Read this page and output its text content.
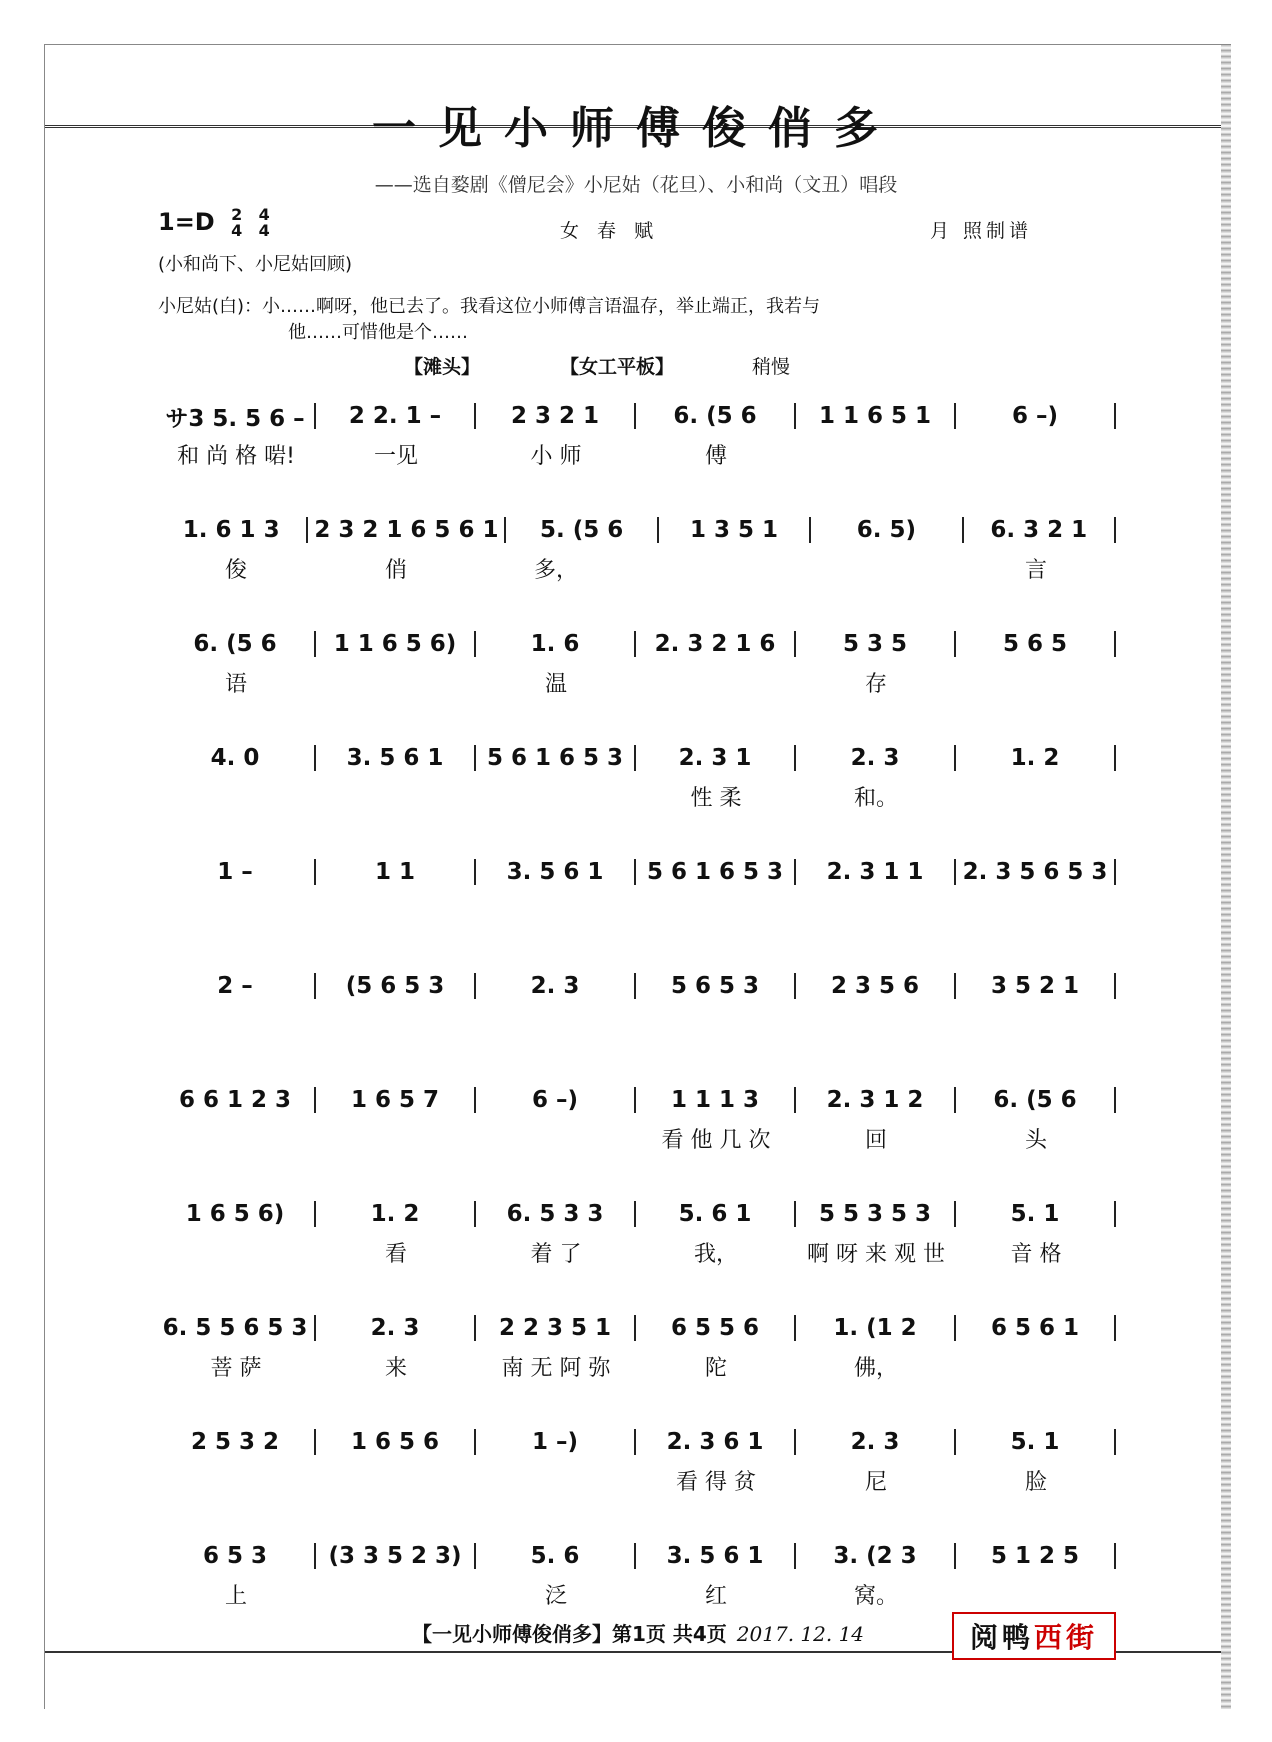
一见小师傅俊俏多
——选自婺剧《僧尼会》小尼姑（花旦）、小和尚（文丑）唱段
1=D 2
4

4
4	女 春 赋	月 照制谱
(小和尚下、小尼姑回顾)
小尼姑(白)：小……啊呀，他已去了。我看这位小师傅言语温存，举止端正，我若与
他……可惜他是个……
【滩头】	【女工平板】	稍慢
サ3 5. 5 6 –	2 2. 1 –	2 3 2 1	6. (5 6	1 1 6 5 1	6 –)
和 尚 格 啱!	一见	小 师	傅
1. 6 1 3	2 3 2 1 6 5 6 1	5. (5 6	1 3 5 1	6. 5)	6. 3 2 1
俊	俏	多，	言
6. (5 6	1 1 6 5 6)	1. 6	2. 3 2 1 6	5 3 5	5 6 5
语	温	存
4. 0	3. 5 6 1	5 6 1 6 5 3	2. 3 1	2. 3	1. 2
性 柔	和。
1 –	1 1	3. 5 6 1	5 6 1 6 5 3	2. 3 1 1	2. 3 5 6 5 3
2 –	(5 6 5 3	2. 3	5 6 5 3	2 3 5 6	3 5 2 1
6 6 1 2 3	1 6 5 7	6 –)	1 1 1 3	2. 3 1 2	6. (5 6
看 他 几 次	回	头
1 6 5 6)	1. 2	6. 5 3 3	5. 6 1	5 5 3 5 3	5. 1
看	着 了	我，	啊 呀 来 观 世	音 格
6. 5 5 6 5 3	2. 3	2 2 3 5 1	6 5 5 6	1. (1 2	6 5 6 1
菩 萨	来	南 无 阿 弥	陀	佛，
2 5 3 2	1 6 5 6	1 –)	2. 3 6 1	2. 3	5. 1
看 得 贫	尼	脸
6 5 3	(3 3 5 2 3)	5. 6	3. 5 6 1	3. (2 3	5 1 2 5
上	泛	红	窝。
【一见小师傅俊俏多】第1页 共4页 2017. 12. 14	阅鸭 西街
